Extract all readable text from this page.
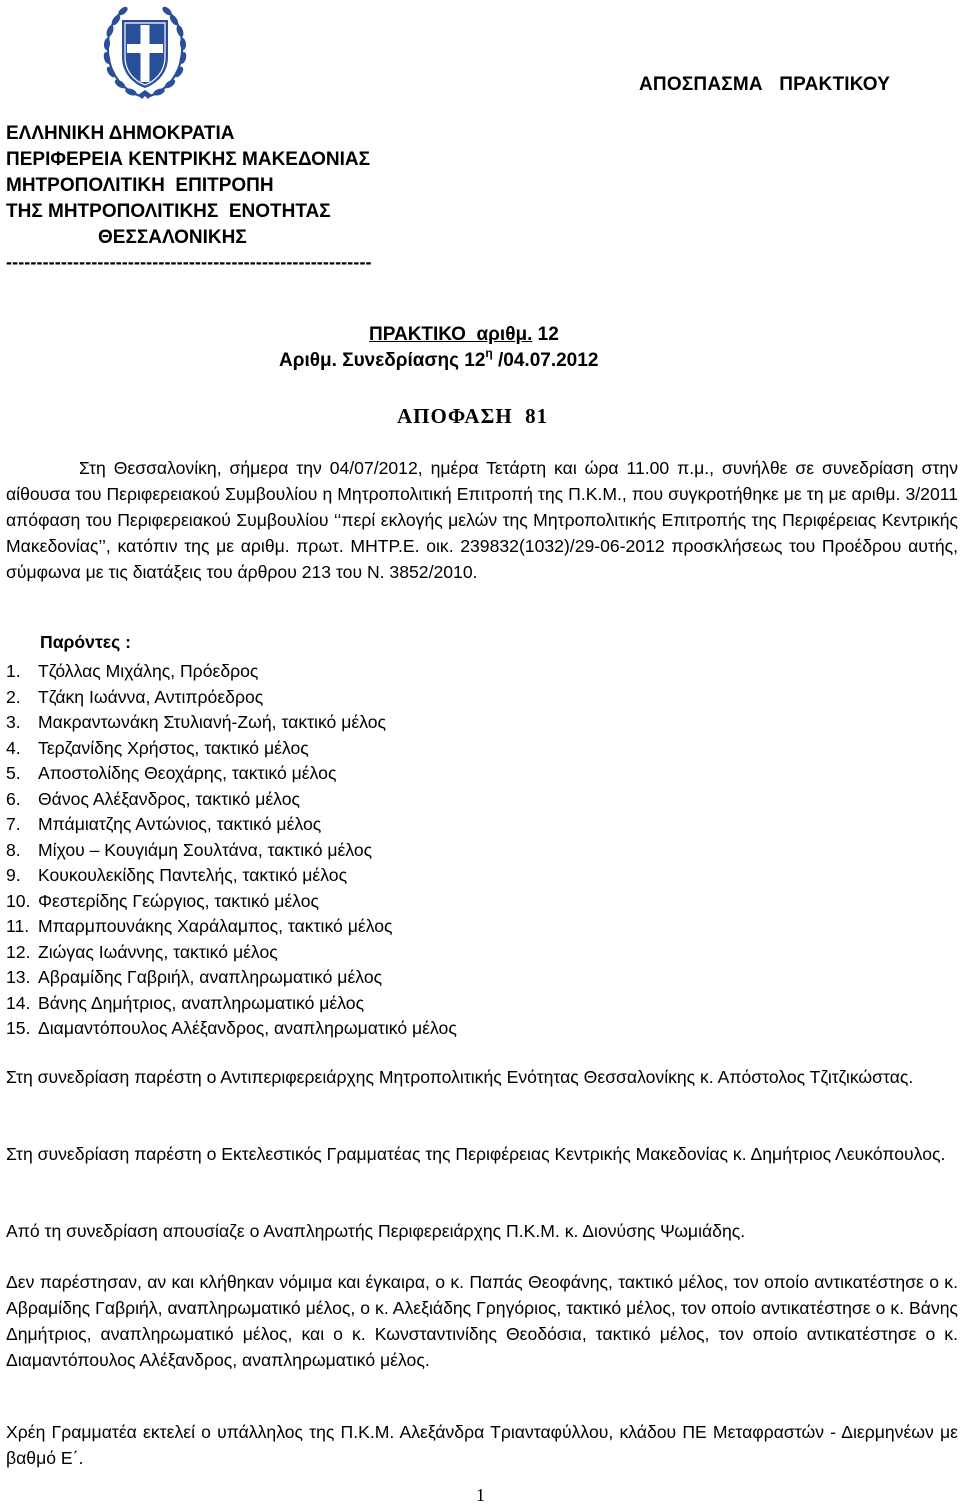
ΑΠΟΣΠΑΣΜΑ   ΠΡΑΚΤΙΚΟΥ
ΕΛΛΗΝΙΚΗ ΔΗΜΟΚΡΑΤΙΑ
ΠΕΡΙΦΕΡΕΙΑ ΚΕΝΤΡΙΚΗΣ ΜΑΚΕΔΟΝΙΑΣ
ΜΗΤΡΟΠΟΛΙΤΙΚΗ  ΕΠΙΤΡΟΠΗ
ΤΗΣ ΜΗΤΡΟΠΟΛΙΤΙΚΗΣ  ΕΝΟΤΗΤΑΣ
ΘΕΣΣΑΛΟΝΙΚΗΣ
------------------------------------------------------------
ΠΡΑΚΤΙΚΟ  αριθμ. 12
Αριθμ. Συνεδρίασης $12^\eta$ /04.07.2012
ΑΠΟΦΑΣΗ  81
Στη Θεσσαλονίκη, σήμερα την 04/07/2012, ημέρα Τετάρτη και ώρα 11.00 π.μ., συνήλθε σε συνεδρίαση στην αίθουσα του Περιφερειακού Συμβουλίου η Μητροπολιτική Επιτροπή της Π.Κ.Μ., που συγκροτήθηκε με τη με αριθμ. 3/2011 απόφαση του Περιφερειακού Συμβουλίου ‘‘περί εκλογής μελών της Μητροπολιτικής Επιτροπής της Περιφέρειας Κεντρικής Μακεδονίας’’, κατόπιν της με αριθμ. πρωτ. ΜΗΤΡ.Ε. οικ. 239832(1032)/29-06-2012 προσκλήσεως του Προέδρου αυτής, σύμφωνα με τις διατάξεις του άρθρου 213 του Ν. 3852/2010.
Παρόντες :
1. Τζόλλας Μιχάλης, Πρόεδρος
2. Τζάκη Ιωάννα, Αντιπρόεδρος
3. Μακραντωνάκη Στυλιανή-Ζωή, τακτικό μέλος
4. Τερζανίδης Χρήστος, τακτικό μέλος
5. Αποστολίδης Θεοχάρης, τακτικό μέλος
6. Θάνος Αλέξανδρος, τακτικό μέλος
7. Μπάμιατζης Αντώνιος, τακτικό μέλος
8. Μίχου – Κουγιάμη Σουλτάνα, τακτικό μέλος
9. Κουκουλεκίδης Παντελής, τακτικό μέλος
10. Φεστερίδης Γεώργιος, τακτικό μέλος
11. Μπαρμπουνάκης Χαράλαμπος, τακτικό μέλος
12. Ζιώγας Ιωάννης, τακτικό μέλος
13. Αβραμίδης Γαβριήλ, αναπληρωματικό μέλος
14. Βάνης Δημήτριος, αναπληρωματικό μέλος
15. Διαμαντόπουλος Αλέξανδρος, αναπληρωματικό μέλος
Στη συνεδρίαση παρέστη ο Αντιπεριφερειάρχης Μητροπολιτικής Ενότητας Θεσσαλονίκης κ. Απόστολος Τζιτζικώστας.
Στη συνεδρίαση παρέστη ο Εκτελεστικός Γραμματέας της Περιφέρειας Κεντρικής Μακεδονίας κ. Δημήτριος Λευκόπουλος.
Από τη συνεδρίαση απουσίαζε ο Αναπληρωτής Περιφερειάρχης Π.Κ.Μ. κ. Διονύσης Ψωμιάδης.
Δεν παρέστησαν, αν και κλήθηκαν νόμιμα και έγκαιρα, ο κ. Παπάς Θεοφάνης, τακτικό μέλος, τον οποίο αντικατέστησε ο κ. Αβραμίδης Γαβριήλ, αναπληρωματικό μέλος, ο κ. Αλεξιάδης Γρηγόριος, τακτικό μέλος, τον οποίο αντικατέστησε ο κ. Βάνης Δημήτριος, αναπληρωματικό μέλος, και ο κ. Κωνσταντινίδης Θεοδόσια, τακτικό μέλος, τον οποίο αντικατέστησε ο κ. Διαμαντόπουλος Αλέξανδρος, αναπληρωματικό μέλος.
Χρέη Γραμματέα εκτελεί ο υπάλληλος της Π.Κ.Μ. Αλεξάνδρα Τριανταφύλλου, κλάδου ΠΕ Μεταφραστών - Διερμηνέων με βαθμό Ε΄.
1
